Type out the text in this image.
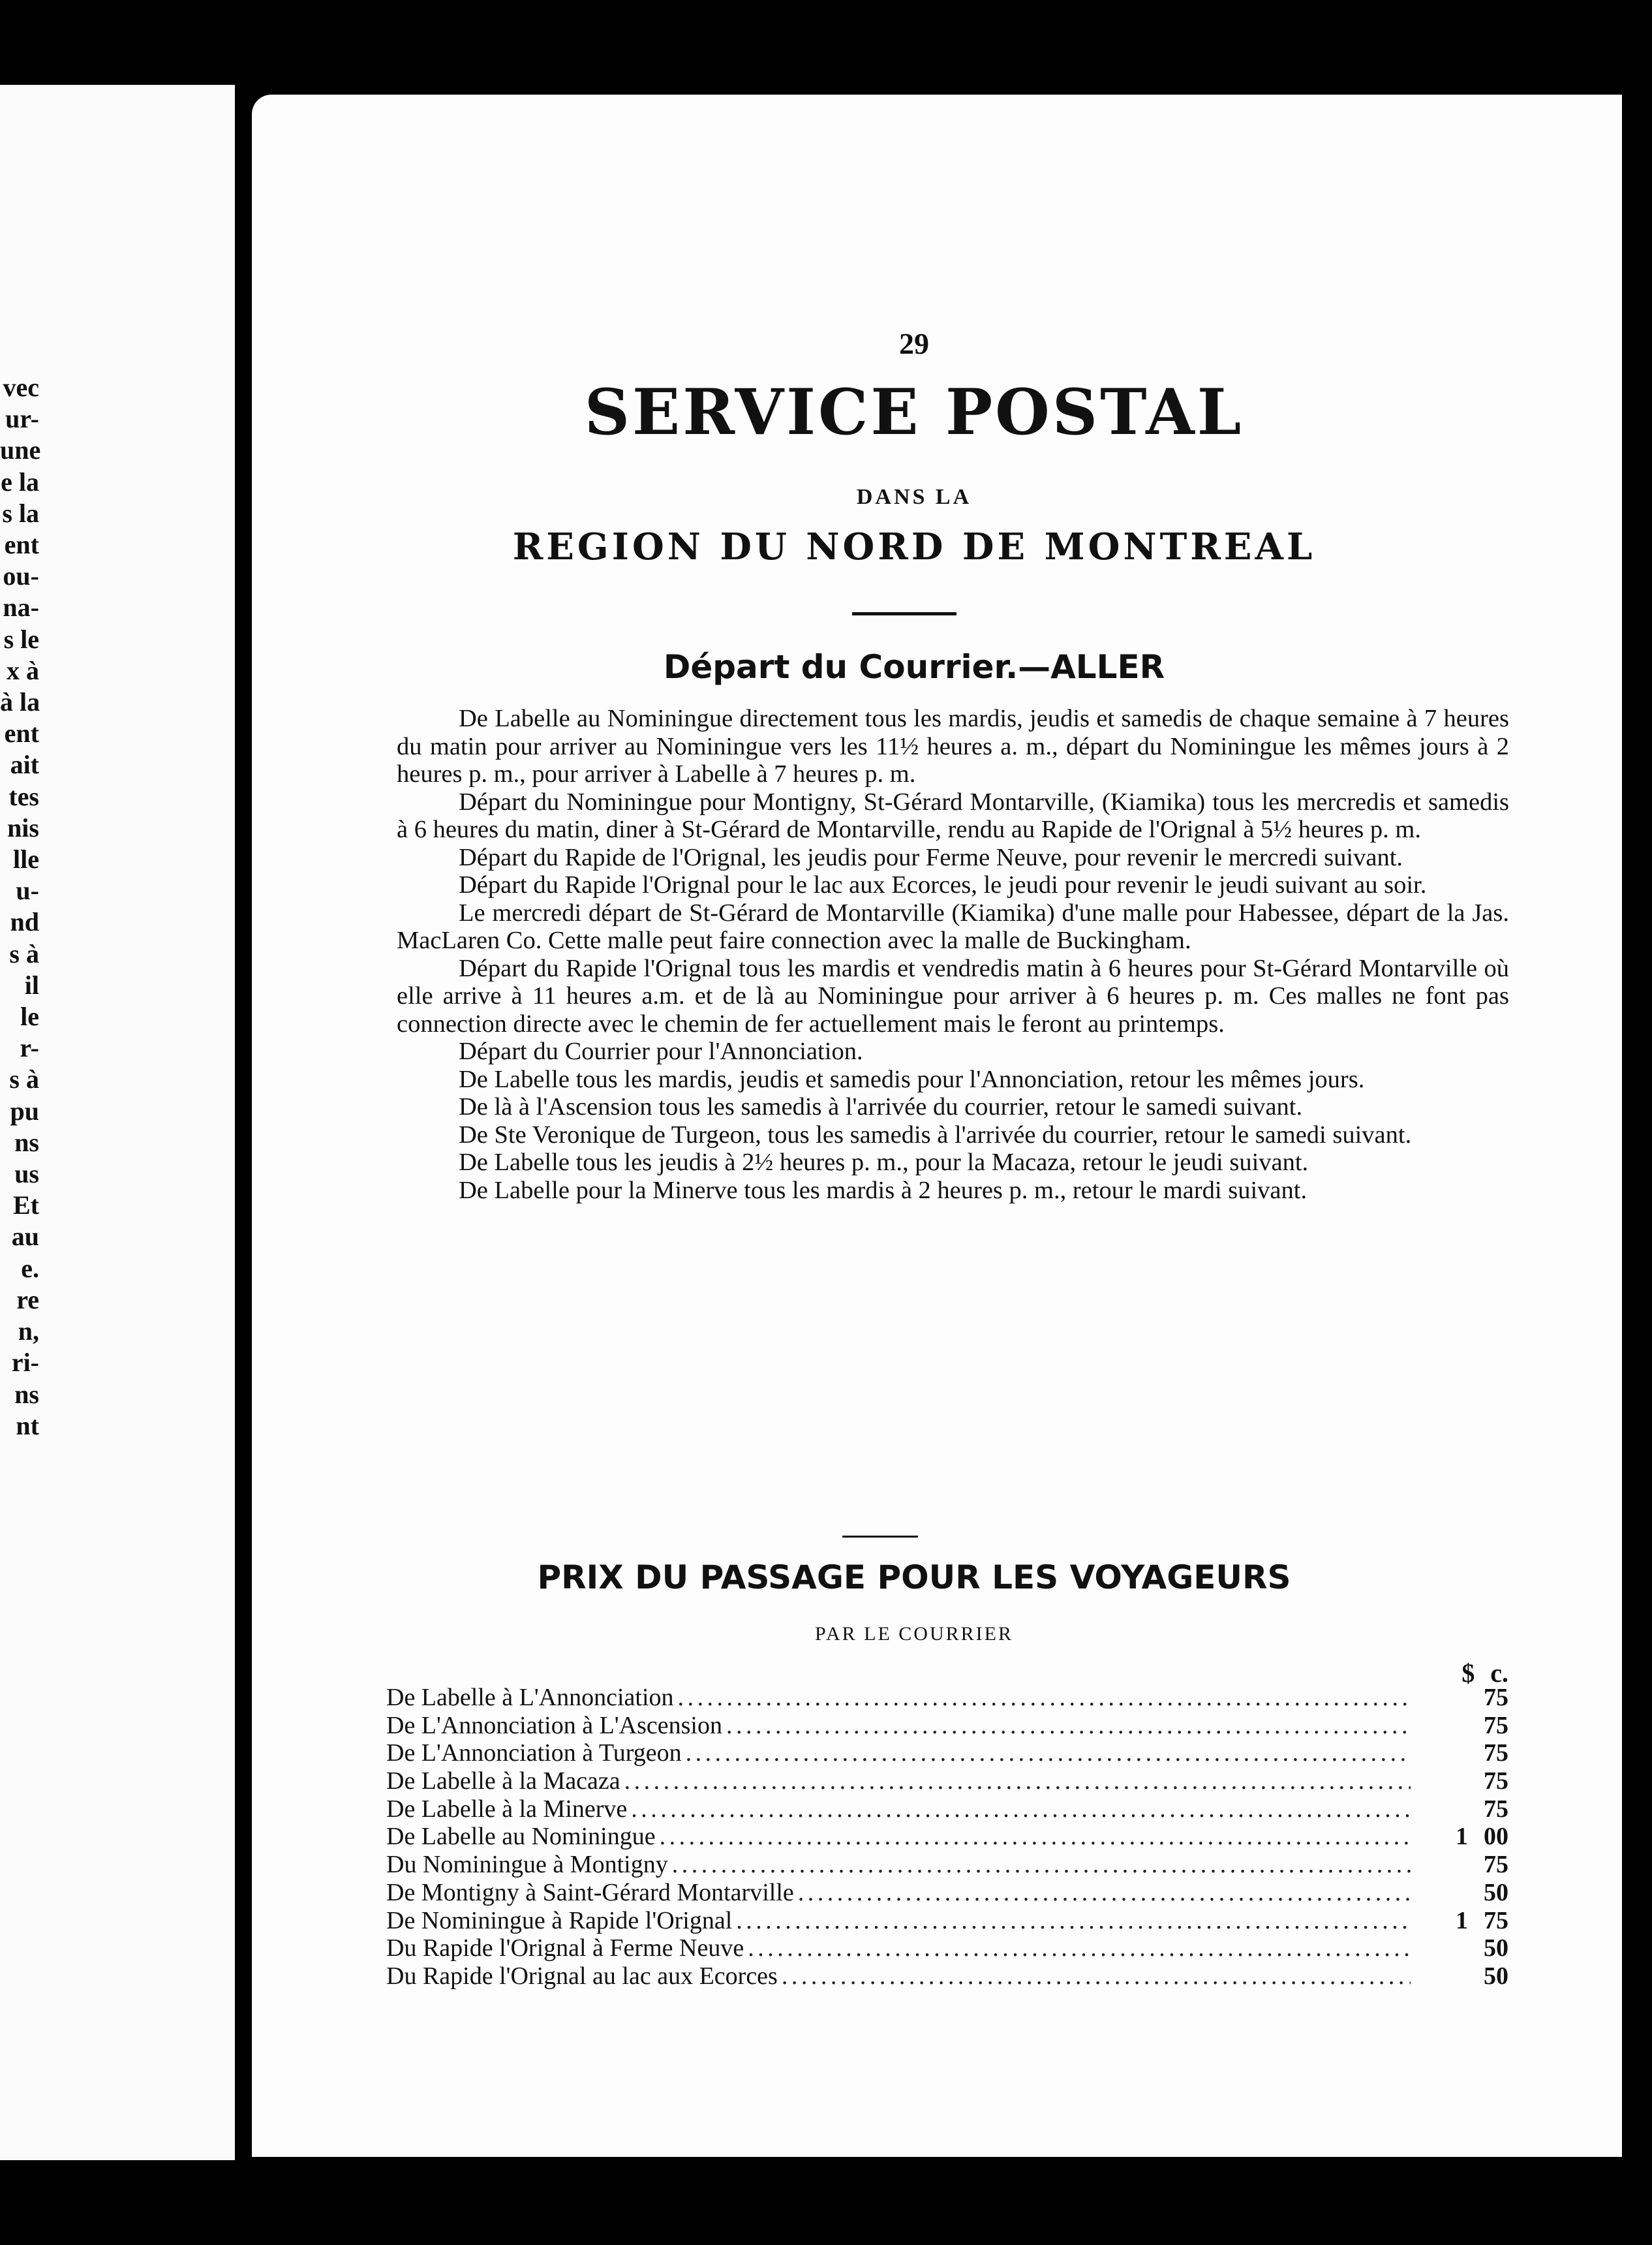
vec
ur-
une
e la
s la
ent
ou-
na-
s le
x à
à la
ent
ait
tes
nis
lle
u-
nd
s à
il
le
r-
s à
pu
ns
us
Et
au
e.
re
n,
ri-
ns
nt
29
SERVICE POSTAL
DANS LA
REGION DU NORD DE MONTREAL
Départ du Courrier.—ALLER

De Labelle au Nominingue directement tous les mardis, jeudis et samedis de chaque semaine à 7 heures du matin pour arriver au Nominingue vers les 11½ heures a. m., départ du Nominingue les mêmes jours à 2 heures p. m., pour arriver à Labelle à 7 heures p. m.

Départ du Nominingue pour Montigny, St-Gérard Montarville, (Kiamika) tous les mercredis et samedis à 6 heures du matin, diner à St-Gérard de Montarville, rendu au Rapide de l'Orignal à 5½ heures p. m.

Départ du Rapide de l'Orignal, les jeudis pour Ferme Neuve, pour revenir le mercredi suivant.

Départ du Rapide l'Orignal pour le lac aux Ecorces, le jeudi pour revenir le jeudi suivant au soir.

Le mercredi départ de St-Gérard de Montarville (Kiamika) d'une malle pour Habessee, départ de la Jas. MacLaren Co. Cette malle peut faire connection avec la malle de Buckingham.

Départ du Rapide l'Orignal tous les mardis et vendredis matin à 6 heures pour St-Gérard Montarville où elle arrive à 11 heures a.m. et de là au Nominingue pour arriver à 6 heures p. m. Ces malles ne font pas connection directe avec le chemin de fer actuellement mais le feront au printemps.

Départ du Courrier pour l'Annonciation.

De Labelle tous les mardis, jeudis et samedis pour l'Annonciation, retour les mêmes jours.

De là à l'Ascension tous les samedis à l'arrivée du courrier, retour le samedi suivant.

De Ste Veronique de Turgeon, tous les samedis à l'arrivée du courrier, retour le samedi suivant.

De Labelle tous les jeudis à 2½ heures p. m., pour la Macaza, retour le jeudi suivant.

De Labelle pour la Minerve tous les mardis à 2 heures p. m., retour le mardi suivant.

PRIX DU PASSAGE POUR LES VOYAGEURS
PAR LE COURRIER
$ c.
De Labelle à L'Annonciation . . .	75
De L'Annonciation à L'Ascension . . .	75
De L'Annonciation à Turgeon . . .	75
De Labelle à la Macaza . . .	75
De Labelle à la Minerve . . .	75
De Labelle au Nominingue . . .	1 00
Du Nominingue à Montigny . . .	75
De Montigny à Saint-Gérard Montarville . . .	50
De Nominingue à Rapide l'Orignal . . .	1 75
Du Rapide l'Orignal à Ferme Neuve . . .	50
Du Rapide l'Orignal au lac aux Ecorces . . .	50
